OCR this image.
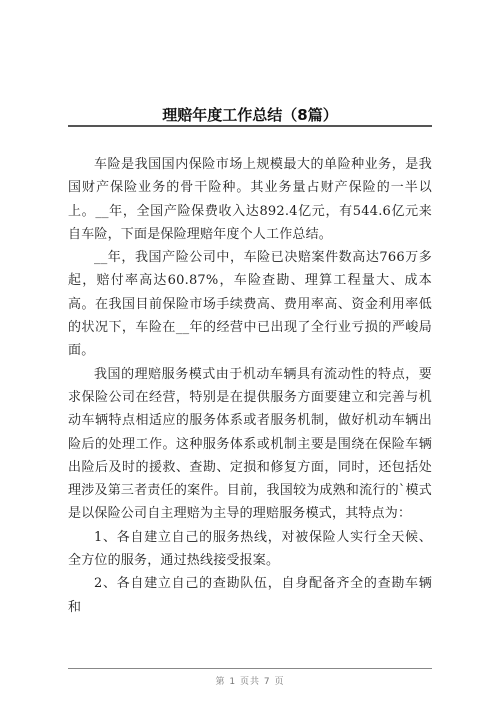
理赔年度工作总结（8篇）

车险是我国国内保险市场上规模最大的单险种业务，是我国财产保险业务的骨干险种。其业务量占财产保险的一半以上。__年，全国产险保费收入达892.4亿元，有544.6亿元来自车险，下面是保险理赔年度个人工作总结。

__年，我国产险公司中，车险已决赔案件数高达766万多起，赔付率高达60.87%，车险查勘、理算工程量大、成本高。在我国目前保险市场手续费高、费用率高、资金利用率低的状况下，车险在__年的经营中已出现了全行业亏损的严峻局面。

我国的理赔服务模式由于机动车辆具有流动性的特点，要求保险公司在经营，特别是在提供服务方面要建立和完善与机动车辆特点相适应的服务体系或者服务机制，做好机动车辆出险后的处理工作。这种服务体系或机制主要是围绕在保险车辆出险后及时的援救、查勘、定损和修复方面，同时，还包括处理涉及第三者责任的案件。目前，我国较为成熟和流行的`模式是以保险公司自主理赔为主导的理赔服务模式，其特点为：

1、各自建立自己的服务热线，对被保险人实行全天候、全方位的服务，通过热线接受报案。

2、各自建立自己的查勘队伍，自身配备齐全的查勘车辆和

第 1 页共 7 页
